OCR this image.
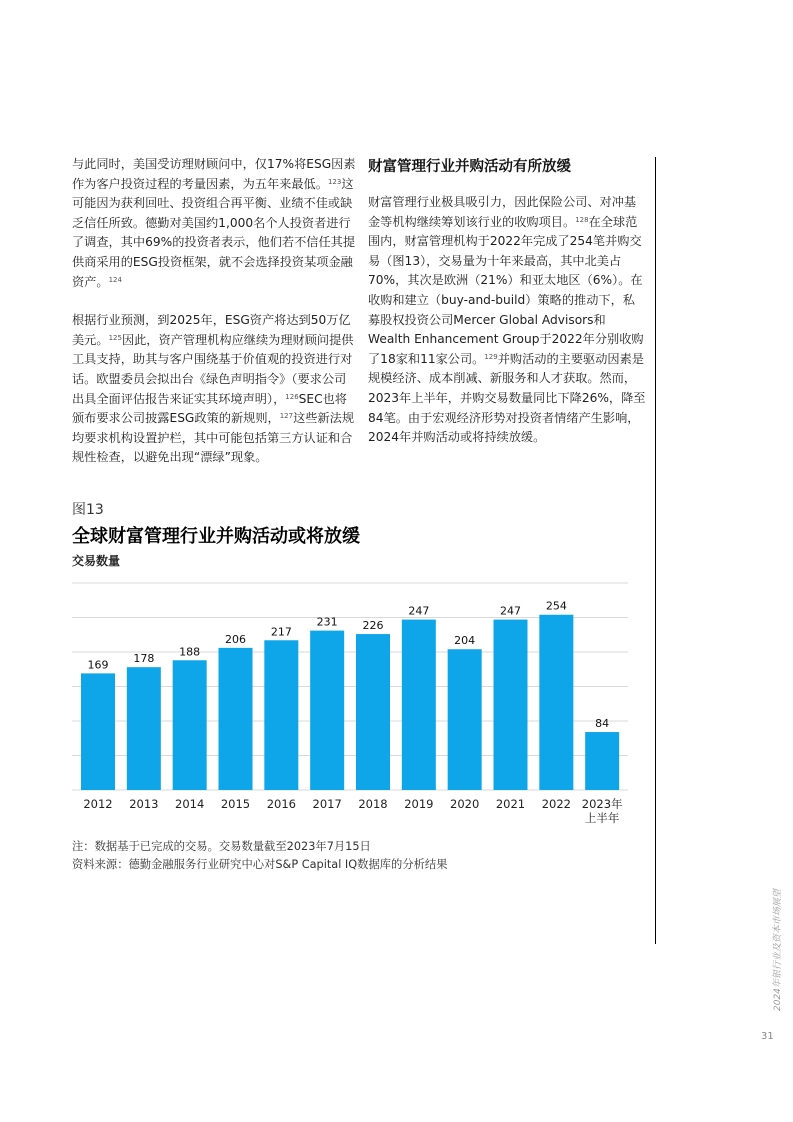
与此同时，美国受访理财顾问中，仅17%将ESG因素作为客户投资过程的考量因素，为五年来最低。$^{123}$这可能因为获利回吐、投资组合再平衡、业绩不佳或缺乏信任所致。德勤对美国约1,000名个人投资者进行了调查，其中69%的投资者表示，他们若不信任其提供商采用的ESG投资框架，就不会选择投资某项金融资产。$^{124}$

根据行业预测，到2025年，ESG资产将达到50万亿美元。$^{125}$因此，资产管理机构应继续为理财顾问提供工具支持，助其与客户围绕基于价值观的投资进行对话。欧盟委员会拟出台《绿色声明指令》（要求公司出具全面评估报告来证实其环境声明），$^{126}$SEC也将颁布要求公司披露ESG政策的新规则，$^{127}$这些新法规均要求机构设置护栏，其中可能包括第三方认证和合规性检查，以避免出现“漂绿”现象。

财富管理行业并购活动有所放缓

财富管理行业极具吸引力，因此保险公司、对冲基金等机构继续筹划该行业的收购项目。$^{128}$在全球范围内，财富管理机构于2022年完成了254笔并购交易（图13），交易量为十年来最高，其中北美占70%，其次是欧洲（21%）和亚太地区（6%）。在收购和建立（buy-and-build）策略的推动下，私募股权投资公司Mercer Global Advisors和Wealth Enhancement Group于2022年分别收购了18家和11家公司。$^{129}$并购活动的主要驱动因素是规模经济、成本削减、新服务和人才获取。然而，2023年上半年，并购交易数量同比下降26%，降至84笔。由于宏观经济形势对投资者情绪产生影响，2024年并购活动或将持续放缓。

图13
全球财富管理行业并购活动或将放缓
交易数量
169
2012
178
2013
188
2014
206
2015
217
2016
231
2017
226
2018
247
2019
204
2020
247
2021
254
2022
84
2023年
上半年
注：数据基于已完成的交易。交易数量截至2023年7月15日
资料来源：德勤金融服务行业研究中心对S&P Capital IQ数据库的分析结果
2024年银行业及资本市场展望
31
